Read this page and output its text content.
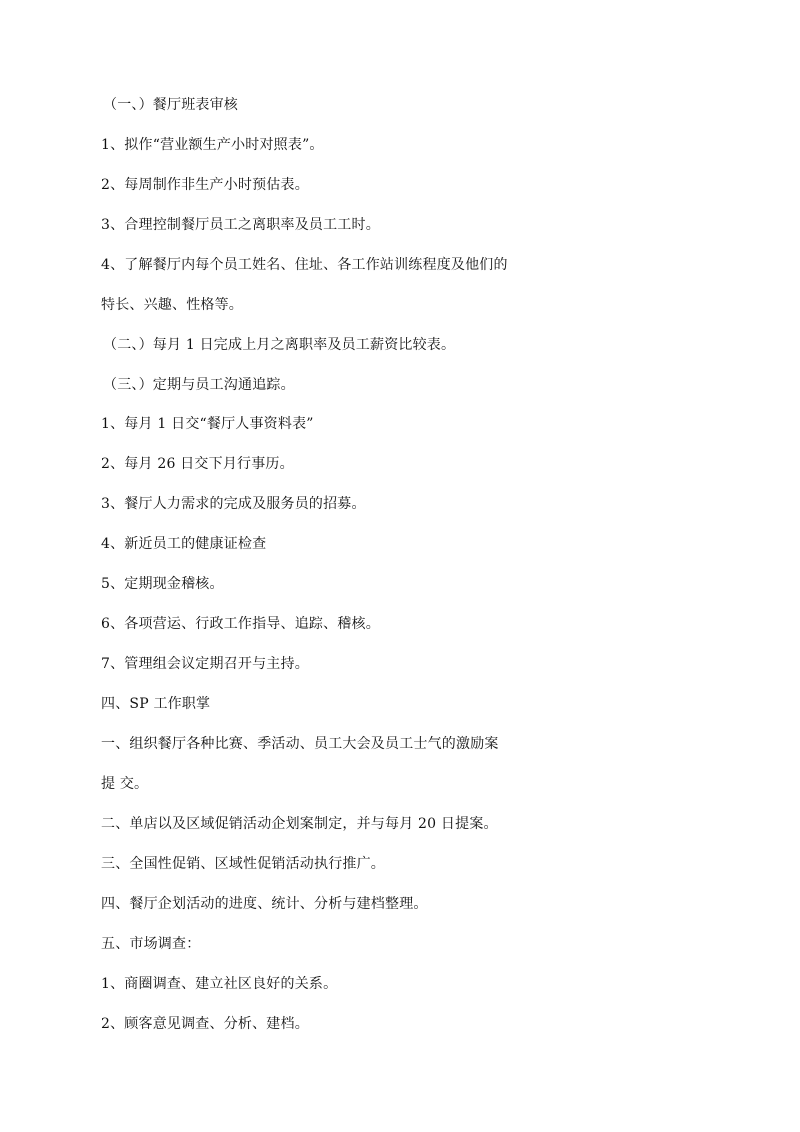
（一、）餐厅班表审核
1、拟作“营业额生产小时对照表”。
2、每周制作非生产小时预估表。
3、合理控制餐厅员工之离职率及员工工时。
4、了解餐厅内每个员工姓名、住址、各工作站训练程度及他们的
特长、兴趣、性格等。
（二、）每月 1 日完成上月之离职率及员工薪资比较表。
（三、）定期与员工沟通追踪。
1、每月 1 日交“餐厅人事资料表”
2、每月 26 日交下月行事历。
3、餐厅人力需求的完成及服务员的招募。
4、新近员工的健康证检查
5、定期现金稽核。
6、各项营运、行政工作指导、追踪、稽核。
7、管理组会议定期召开与主持。
四、SP 工作职掌
一、组织餐厅各种比赛、季活动、员工大会及员工士气的激励案
提 交。
二、单店以及区域促销活动企划案制定，并与每月 20 日提案。
三、全国性促销、区域性促销活动执行推广。
四、餐厅企划活动的进度、统计、分析与建档整理。
五、市场调查：
1、商圈调查、建立社区良好的关系。
2、顾客意见调查、分析、建档。
